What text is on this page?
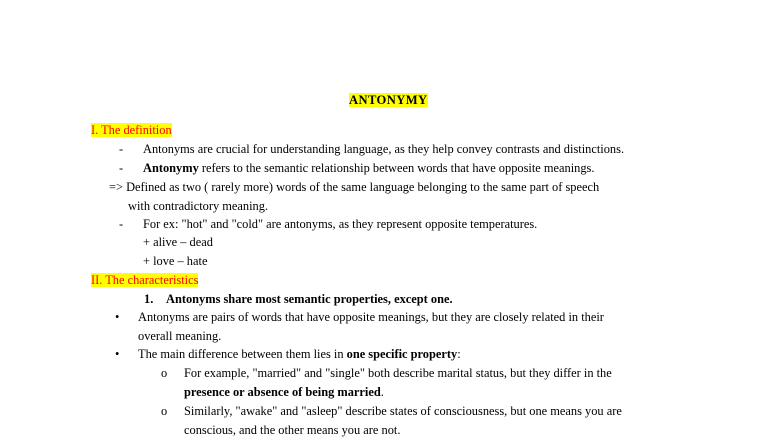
ANTONYMY
I. The definition
- Antonyms are crucial for understanding language, as they help convey contrasts and distinctions.
- Antonymy refers to the semantic relationship between words that have opposite meanings.
=> Defined as two ( rarely more) words of the same language belonging to the same part of speech
with contradictory meaning.
- For ex: "hot" and "cold" are antonyms, as they represent opposite temperatures.
+ alive – dead
+ love – hate
II. The characteristics
1. Antonyms share most semantic properties, except one.
• Antonyms are pairs of words that have opposite meanings, but they are closely related in their
overall meaning.
• The main difference between them lies in one specific property:
o For example, "married" and "single" both describe marital status, but they differ in the
presence or absence of being married.
o Similarly, "awake" and "asleep" describe states of consciousness, but one means you are
conscious, and the other means you are not.
